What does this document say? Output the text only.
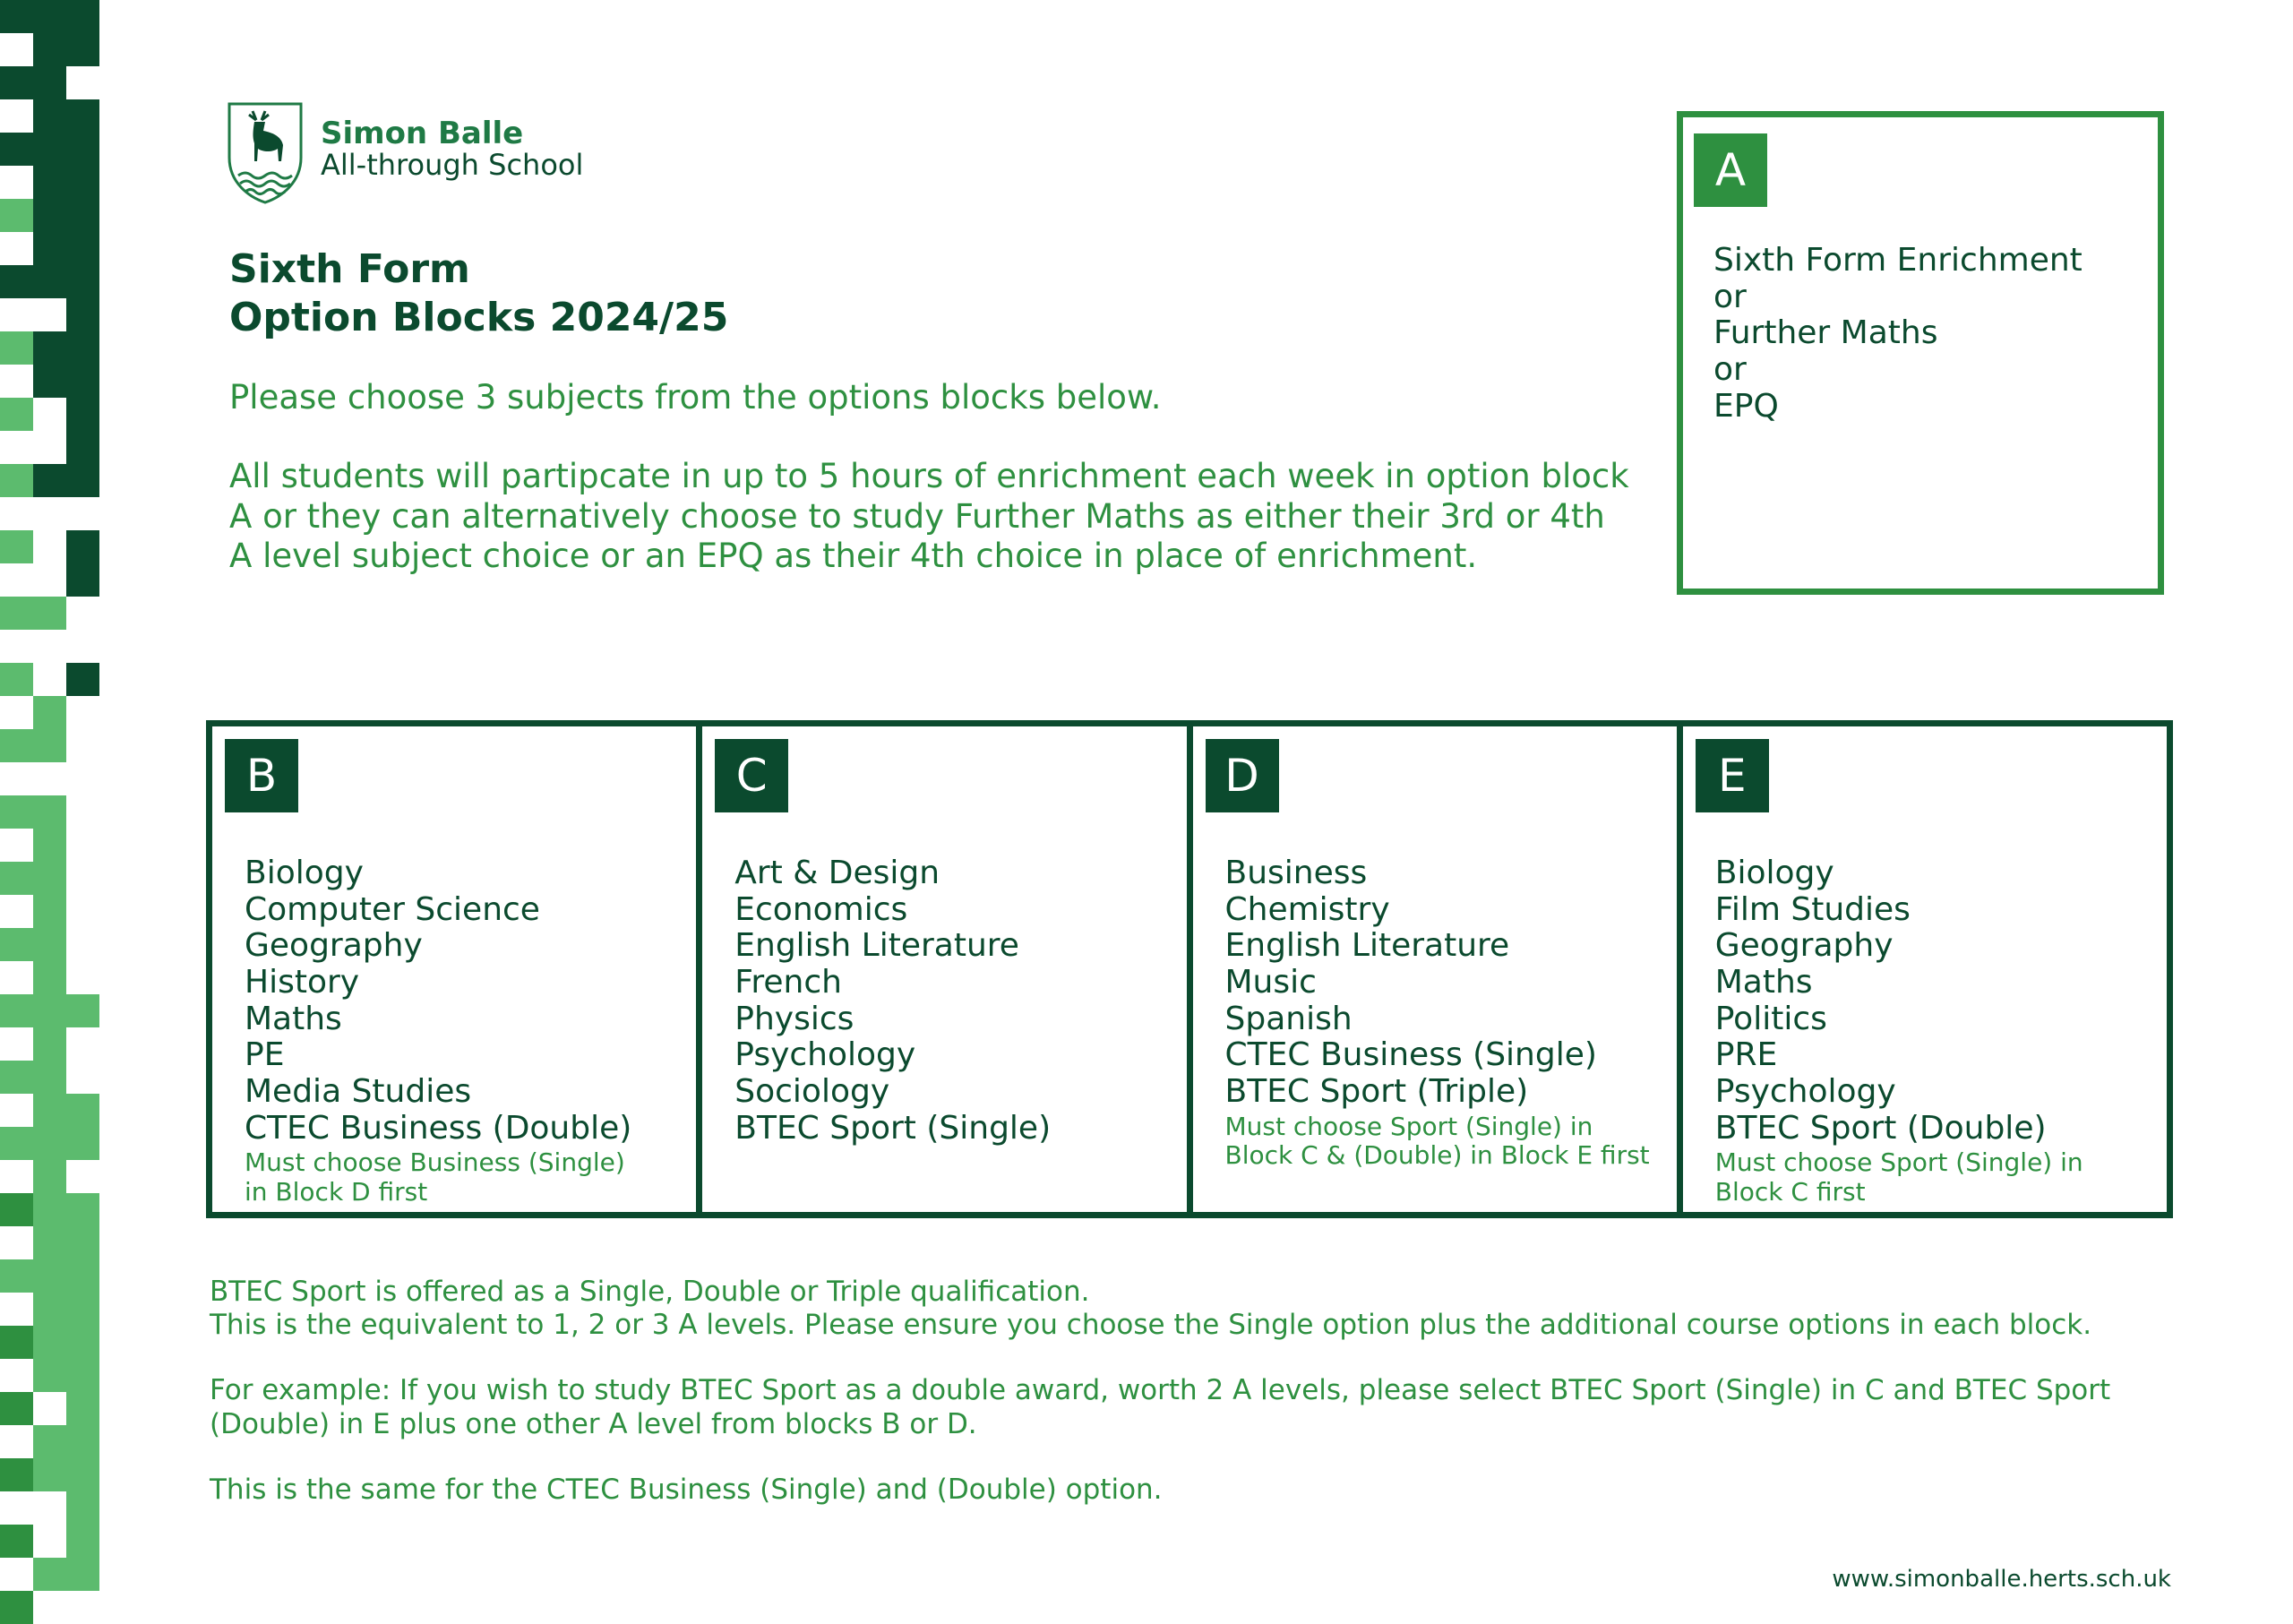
Simon Balle
All-through School
Sixth Form
Option Blocks 2024/25

Please choose 3 subjects from the options blocks below.

All students will partipcate in up to 5 hours of enrichment each week in option block A or they can alternatively choose to study Further Maths as either their 3rd or 4th A level subject choice or an EPQ as their 4th choice in place of enrichment.

A
Sixth Form Enrichment
or
Further Maths
or
EPQ
B
Biology
Computer Science
Geography
History
Maths
PE
Media Studies
CTEC Business (Double)
Must choose Business (Single) in Block D first
C
Art & Design
Economics
English Literature
French
Physics
Psychology
Sociology
BTEC Sport (Single)
D
Business
Chemistry
English Literature
Music
Spanish
CTEC Business (Single)
BTEC Sport (Triple)
Must choose Sport (Single) in Block C & (Double) in Block E first
E
Biology
Film Studies
Geography
Maths
Politics
PRE
Psychology
BTEC Sport (Double)
Must choose Sport (Single) in Block C first

BTEC Sport is offered as a Single, Double or Triple qualification.
This is the equivalent to 1, 2 or 3 A levels. Please ensure you choose the Single option plus the additional course options in each block.

For example: If you wish to study BTEC Sport as a double award, worth 2 A levels, please select BTEC Sport (Single) in C and BTEC Sport (Double) in E plus one other A level from blocks B or D.

This is the same for the CTEC Business (Single) and (Double) option.

www.simonballe.herts.sch.uk
